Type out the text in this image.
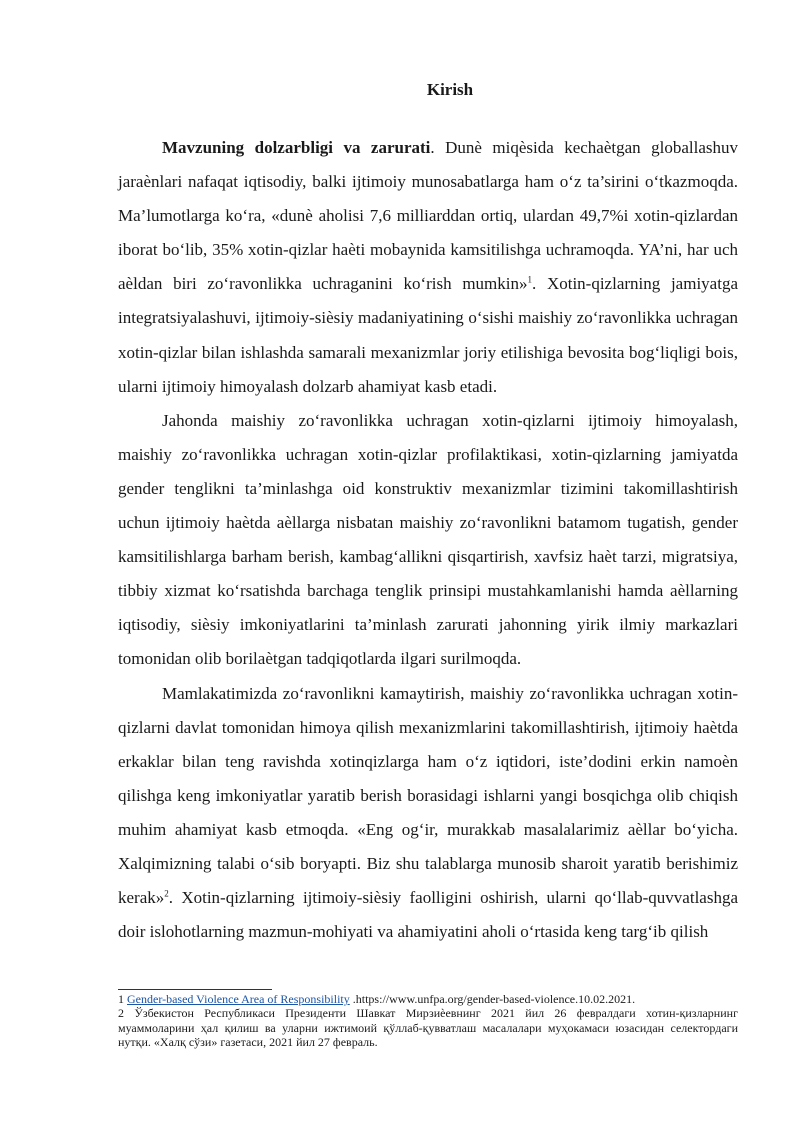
Kirish

Mavzuning dolzarbligi va zarurati. Dunè miqèsida kechaètgan globallashuv jaraènlari nafaqat iqtisodiy, balki ijtimoiy munosabatlarga ham o‘z ta’sirini o‘tkazmoqda. Ma’lumotlarga ko‘ra, «dunè aholisi 7,6 milliarddan ortiq, ulardan 49,7%i xotin-qizlardan iborat bo‘lib, 35% xotin-qizlar haèti mobaynida kamsitilishga uchramoqda. YA’ni, har uch aèldan biri zo‘ravonlikka uchraganini ko‘rish mumkin»$^1$. Xotin-qizlarning jamiyatga integratsiyalashuvi, ijtimoiy-sièsiy madaniyatining o‘sishi maishiy zo‘ravonlikka uchragan xotin-qizlar bilan ishlashda samarali mexanizmlar joriy etilishiga bevosita bog‘liqligi bois, ularni ijtimoiy himoyalash dolzarb ahamiyat kasb etadi.

Jahonda maishiy zo‘ravonlikka uchragan xotin-qizlarni ijtimoiy himoyalash, maishiy zo‘ravonlikka uchragan xotin-qizlar profilaktikasi, xotin-qizlarning jamiyatda gender tenglikni ta’minlashga oid konstruktiv mexanizmlar tizimini takomillashtirish uchun ijtimoiy haètda aèllarga nisbatan maishiy zo‘ravonlikni batamom tugatish, gender kamsitilishlarga barham berish, kambag‘allikni qisqartirish, xavfsiz haèt tarzi, migratsiya, tibbiy xizmat ko‘rsatishda barchaga tenglik prinsipi mustahkamlanishi hamda aèllarning iqtisodiy, sièsiy imkoniyatlarini ta’minlash zarurati jahonning yirik ilmiy markazlari tomonidan olib borilaètgan tadqiqotlarda ilgari surilmoqda.

Mamlakatimizda zo‘ravonlikni kamaytirish, maishiy zo‘ravonlikka uchragan xotin-qizlarni davlat tomonidan himoya qilish mexanizmlarini takomillashtirish, ijtimoiy haètda erkaklar bilan teng ravishda xotinqizlarga ham o‘z iqtidori, iste’dodini erkin namoèn qilishga keng imkoniyatlar yaratib berish borasidagi ishlarni yangi bosqichga olib chiqish muhim ahamiyat kasb etmoqda. «Eng og‘ir, murakkab masalalarimiz aèllar bo‘yicha. Xalqimizning talabi o‘sib boryapti. Biz shu talablarga munosib sharoit yaratib berishimiz kerak»$^2$. Xotin-qizlarning ijtimoiy-sièsiy faolligini oshirish, ularni qo‘llab-quvvatlashga doir islohotlarning mazmun-mohiyati va ahamiyatini aholi o‘rtasida keng targ‘ib qilish

1 Gender-based Violence Area of Responsibility .https://www.unfpa.org/gender-based-violence.10.02.2021.

2 Ўзбекистон Республикаси Президенти Шавкат Мирзиѐевнинг 2021 йил 26 февралдаги хотин-қизларнинг муаммоларини ҳал қилиш ва уларни ижтимоий қўллаб-қувватлаш масалалари муҳокамаси юзасидан селектордаги нутқи. «Халқ сўзи» газетаси, 2021 йил 27 февраль.
